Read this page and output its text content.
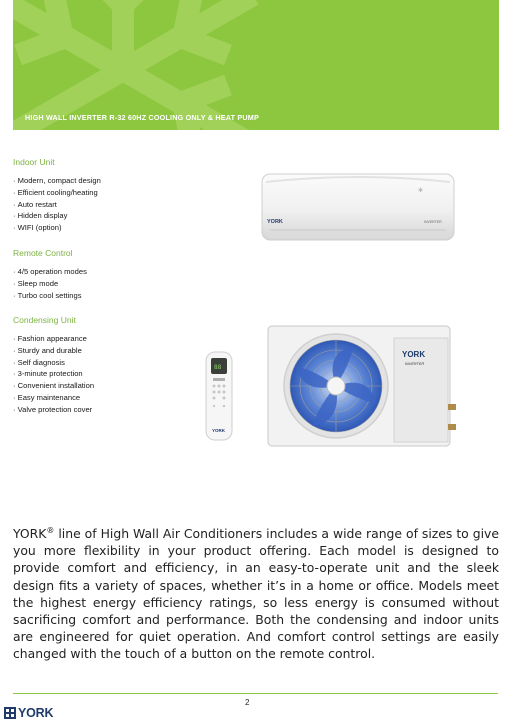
HIGH WALL INVERTER R-32 60HZ COOLING ONLY & HEAT PUMP
Indoor Unit
· Modern, compact design
· Efficient cooling/heating
· Auto restart
· Hidden display
· WIFI (option)
Remote Control
· 4/5 operation modes
· Sleep mode
· Turbo cool settings
Condensing Unit
· Fashion appearance
· Sturdy and durable
· Self diagnosis
· 3-minute protection
· Convenient installation
· Easy maintenance
· Valve protection cover
YORK	INVERTER
✱
88
YORK
YORK
INVERTER

YORK® line of High Wall Air Conditioners includes a wide range of sizes to give you more flexibility in your product offering. Each model is designed to provide comfort and efficiency, in an easy-to-operate unit and the sleek design fits a variety of spaces, whether it’s in a home or office. Models meet the highest energy efficiency ratings, so less energy is consumed without sacrificing comfort and performance. Both the condensing and indoor units are engineered for quiet operation. And comfort control settings are easily changed with the touch of a button on the remote control.

2
YORK
